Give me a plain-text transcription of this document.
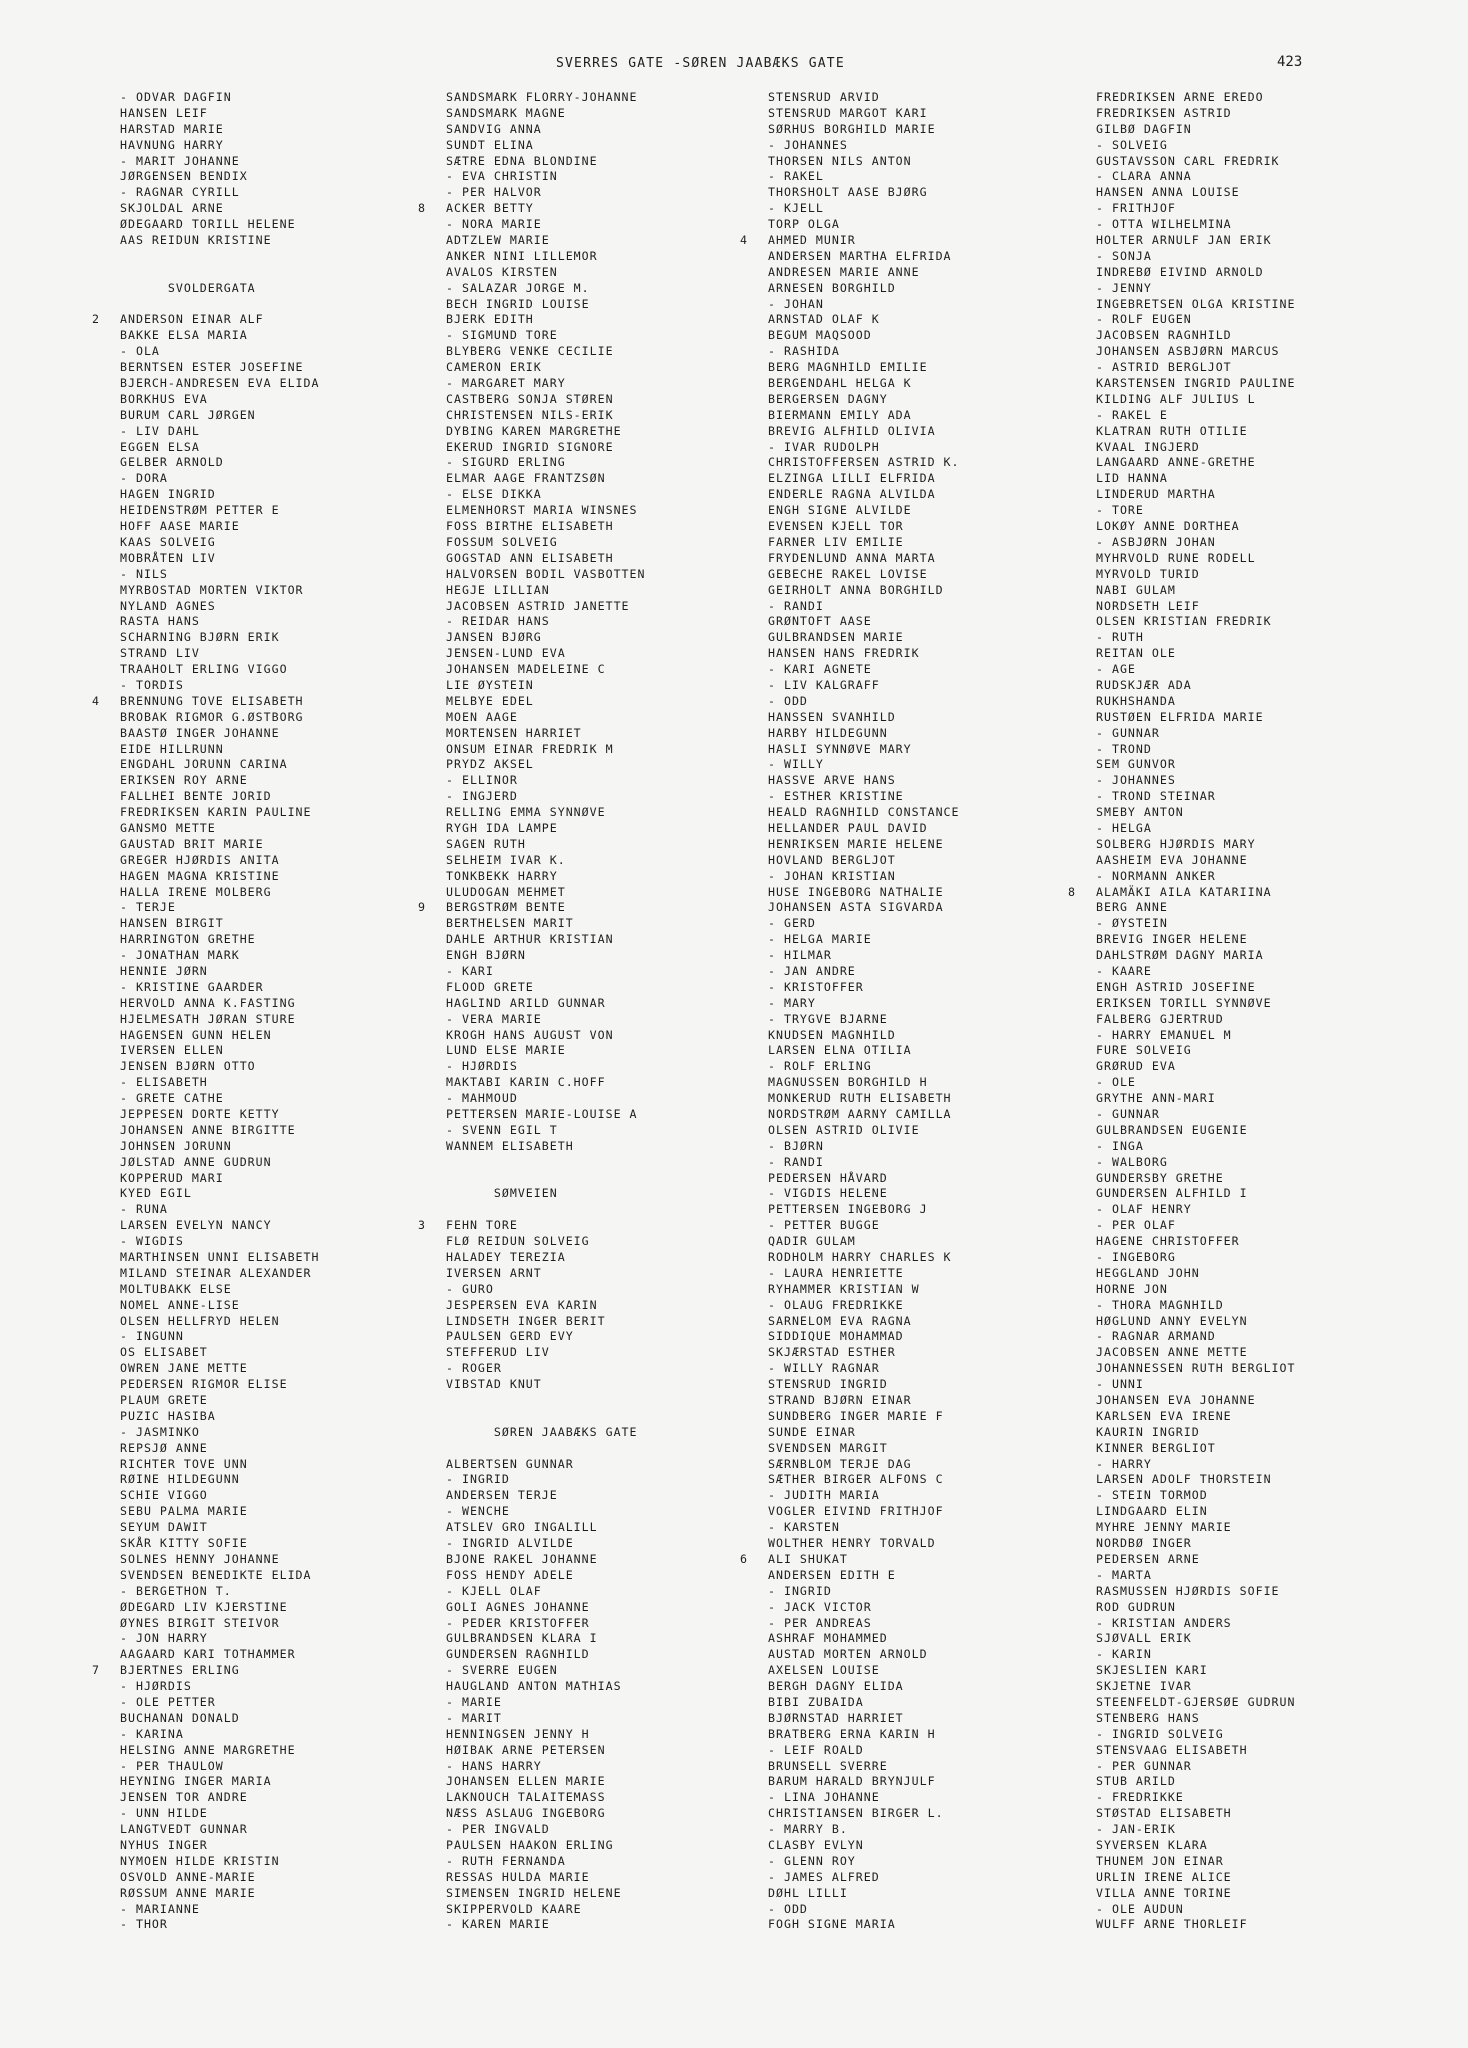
SVERRES GATE -SØREN JAABÆKS GATE	423
- ODVAR DAGFIN
HANSEN LEIF
HARSTAD MARIE
HAVNUNG HARRY
- MARIT JOHANNE
JØRGENSEN BENDIX
- RAGNAR CYRILL
SKJOLDAL ARNE
ØDEGAARD TORILL HELENE
AAS REIDUN KRISTINE
SVOLDERGATA
2 ANDERSON EINAR ALF
BAKKE ELSA MARIA
- OLA
BERNTSEN ESTER JOSEFINE
BJERCH-ANDRESEN EVA ELIDA
BORKHUS EVA
BURUM CARL JØRGEN
- LIV DAHL
EGGEN ELSA
GELBER ARNOLD
- DORA
HAGEN INGRID
HEIDENSTRØM PETTER E
HOFF AASE MARIE
KAAS SOLVEIG
MOBRÅTEN LIV
- NILS
MYRBOSTAD MORTEN VIKTOR
NYLAND AGNES
RASTA HANS
SCHARNING BJØRN ERIK
STRAND LIV
TRAAHOLT ERLING VIGGO
- TORDIS
4 BRENNUNG TOVE ELISABETH
BROBAK RIGMOR G.ØSTBORG
BAASTØ INGER JOHANNE
EIDE HILLRUNN
ENGDAHL JORUNN CARINA
ERIKSEN ROY ARNE
FALLHEI BENTE JORID
FREDRIKSEN KARIN PAULINE
GANSMO METTE
GAUSTAD BRIT MARIE
GREGER HJØRDIS ANITA
HAGEN MAGNA KRISTINE
HALLA IRENE MOLBERG
- TERJE
HANSEN BIRGIT
HARRINGTON GRETHE
- JONATHAN MARK
HENNIE JØRN
- KRISTINE GAARDER
HERVOLD ANNA K.FASTING
HJELMESATH JØRAN STURE
HAGENSEN GUNN HELEN
IVERSEN ELLEN
JENSEN BJØRN OTTO
- ELISABETH
- GRETE CATHE
JEPPESEN DORTE KETTY
JOHANSEN ANNE BIRGITTE
JOHNSEN JORUNN
JØLSTAD ANNE GUDRUN
KOPPERUD MARI
KYED EGIL
- RUNA
LARSEN EVELYN NANCY
- WIGDIS
MARTHINSEN UNNI ELISABETH
MILAND STEINAR ALEXANDER
MOLTUBAKK ELSE
NOMEL ANNE-LISE
OLSEN HELLFRYD HELEN
- INGUNN
OS ELISABET
OWREN JANE METTE
PEDERSEN RIGMOR ELISE
PLAUM GRETE
PUZIC HASIBA
- JASMINKO
REPSJØ ANNE
RICHTER TOVE UNN
RØINE HILDEGUNN
SCHIE VIGGO
SEBU PALMA MARIE
SEYUM DAWIT
SKÅR KITTY SOFIE
SOLNES HENNY JOHANNE
SVENDSEN BENEDIKTE ELIDA
- BERGETHON T.
ØDEGARD LIV KJERSTINE
ØYNES BIRGIT STEIVOR
- JON HARRY
AAGAARD KARI TOTHAMMER
7 BJERTNES ERLING
- HJØRDIS
- OLE PETTER
BUCHANAN DONALD
- KARINA
HELSING ANNE MARGRETHE
- PER THAULOW
HEYNING INGER MARIA
JENSEN TOR ANDRE
- UNN HILDE
LANGTVEDT GUNNAR
NYHUS INGER
NYMOEN HILDE KRISTIN
OSVOLD ANNE-MARIE
RØSSUM ANNE MARIE
- MARIANNE
- THOR
SANDSMARK FLORRY-JOHANNE
SANDSMARK MAGNE
SANDVIG ANNA
SUNDT ELINA
SÆTRE EDNA BLONDINE
- EVA CHRISTIN
- PER HALVOR
8 ACKER BETTY
- NORA MARIE
ADTZLEW MARIE
ANKER NINI LILLEMOR
AVALOS KIRSTEN
- SALAZAR JORGE M.
BECH INGRID LOUISE
BJERK EDITH
- SIGMUND TORE
BLYBERG VENKE CECILIE
CAMERON ERIK
- MARGARET MARY
CASTBERG SONJA STØREN
CHRISTENSEN NILS-ERIK
DYBING KAREN MARGRETHE
EKERUD INGRID SIGNORE
- SIGURD ERLING
ELMAR AAGE FRANTZSØN
- ELSE DIKKA
ELMENHORST MARIA WINSNES
FOSS BIRTHE ELISABETH
FOSSUM SOLVEIG
GOGSTAD ANN ELISABETH
HALVORSEN BODIL VASBOTTEN
HEGJE LILLIAN
JACOBSEN ASTRID JANETTE
- REIDAR HANS
JANSEN BJØRG
JENSEN-LUND EVA
JOHANSEN MADELEINE C
LIE ØYSTEIN
MELBYE EDEL
MOEN AAGE
MORTENSEN HARRIET
ONSUM EINAR FREDRIK M
PRYDZ AKSEL
- ELLINOR
- INGJERD
RELLING EMMA SYNNØVE
RYGH IDA LAMPE
SAGEN RUTH
SELHEIM IVAR K.
TONKBEKK HARRY
ULUDOGAN MEHMET
9 BERGSTRØM BENTE
BERTHELSEN MARIT
DAHLE ARTHUR KRISTIAN
ENGH BJØRN
- KARI
FLOOD GRETE
HAGLIND ARILD GUNNAR
- VERA MARIE
KROGH HANS AUGUST VON
LUND ELSE MARIE
- HJØRDIS
MAKTABI KARIN C.HOFF
- MAHMOUD
PETTERSEN MARIE-LOUISE A
- SVENN EGIL T
WANNEM ELISABETH
SØMVEIEN
3 FEHN TORE
FLØ REIDUN SOLVEIG
HALADEY TEREZIA
IVERSEN ARNT
- GURO
JESPERSEN EVA KARIN
LINDSETH INGER BERIT
PAULSEN GERD EVY
STEFFERUD LIV
- ROGER
VIBSTAD KNUT
SØREN JAABÆKS GATE
ALBERTSEN GUNNAR
- INGRID
ANDERSEN TERJE
- WENCHE
ATSLEV GRO INGALILL
- INGRID ALVILDE
BJONE RAKEL JOHANNE
FOSS HENDY ADELE
- KJELL OLAF
GOLI AGNES JOHANNE
- PEDER KRISTOFFER
GULBRANDSEN KLARA I
GUNDERSEN RAGNHILD
- SVERRE EUGEN
HAUGLAND ANTON MATHIAS
- MARIE
- MARIT
HENNINGSEN JENNY H
HØIBAK ARNE PETERSEN
- HANS HARRY
JOHANSEN ELLEN MARIE
LAKNOUCH TALAITEMASS
NÆSS ASLAUG INGEBORG
- PER INGVALD
PAULSEN HAAKON ERLING
- RUTH FERNANDA
RESSAS HULDA MARIE
SIMENSEN INGRID HELENE
SKIPPERVOLD KAARE
- KAREN MARIE
STENSRUD ARVID
STENSRUD MARGOT KARI
SØRHUS BORGHILD MARIE
- JOHANNES
THORSEN NILS ANTON
- RAKEL
THORSHOLT AASE BJØRG
- KJELL
TORP OLGA
4 AHMED MUNIR
ANDERSEN MARTHA ELFRIDA
ANDRESEN MARIE ANNE
ARNESEN BORGHILD
- JOHAN
ARNSTAD OLAF K
BEGUM MAQSOOD
- RASHIDA
BERG MAGNHILD EMILIE
BERGENDAHL HELGA K
BERGERSEN DAGNY
BIERMANN EMILY ADA
BREVIG ALFHILD OLIVIA
- IVAR RUDOLPH
CHRISTOFFERSEN ASTRID K.
ELZINGA LILLI ELFRIDA
ENDERLE RAGNA ALVILDA
ENGH SIGNE ALVILDE
EVENSEN KJELL TOR
FARNER LIV EMILIE
FRYDENLUND ANNA MARTA
GEBECHE RAKEL LOVISE
GEIRHOLT ANNA BORGHILD
- RANDI
GRØNTOFT AASE
GULBRANDSEN MARIE
HANSEN HANS FREDRIK
- KARI AGNETE
- LIV KALGRAFF
- ODD
HANSSEN SVANHILD
HARBY HILDEGUNN
HASLI SYNNØVE MARY
- WILLY
HASSVE ARVE HANS
- ESTHER KRISTINE
HEALD RAGNHILD CONSTANCE
HELLANDER PAUL DAVID
HENRIKSEN MARIE HELENE
HOVLAND BERGLJOT
- JOHAN KRISTIAN
HUSE INGEBORG NATHALIE
JOHANSEN ASTA SIGVARDA
- GERD
- HELGA MARIE
- HILMAR
- JAN ANDRE
- KRISTOFFER
- MARY
- TRYGVE BJARNE
KNUDSEN MAGNHILD
LARSEN ELNA OTILIA
- ROLF ERLING
MAGNUSSEN BORGHILD H
MONKERUD RUTH ELISABETH
NORDSTRØM AARNY CAMILLA
OLSEN ASTRID OLIVIE
- BJØRN
- RANDI
PEDERSEN HÅVARD
- VIGDIS HELENE
PETTERSEN INGEBORG J
- PETTER BUGGE
QADIR GULAM
RODHOLM HARRY CHARLES K
- LAURA HENRIETTE
RYHAMMER KRISTIAN W
- OLAUG FREDRIKKE
SARNELOM EVA RAGNA
SIDDIQUE MOHAMMAD
SKJÆRSTAD ESTHER
- WILLY RAGNAR
STENSRUD INGRID
STRAND BJØRN EINAR
SUNDBERG INGER MARIE F
SUNDE EINAR
SVENDSEN MARGIT
SÆRNBLOM TERJE DAG
SÆTHER BIRGER ALFONS C
- JUDITH MARIA
VOGLER EIVIND FRITHJOF
- KARSTEN
WOLTHER HENRY TORVALD
6 ALI SHUKAT
ANDERSEN EDITH E
- INGRID
- JACK VICTOR
- PER ANDREAS
ASHRAF MOHAMMED
AUSTAD MORTEN ARNOLD
AXELSEN LOUISE
BERGH DAGNY ELIDA
BIBI ZUBAIDA
BJØRNSTAD HARRIET
BRATBERG ERNA KARIN H
- LEIF ROALD
BRUNSELL SVERRE
BARUM HARALD BRYNJULF
- LINA JOHANNE
CHRISTIANSEN BIRGER L.
- MARRY B.
CLASBY EVLYN
- GLENN ROY
- JAMES ALFRED
DØHL LILLI
- ODD
FOGH SIGNE MARIA
FREDRIKSEN ARNE EREDO
FREDRIKSEN ASTRID
GILBØ DAGFIN
- SOLVEIG
GUSTAVSSON CARL FREDRIK
- CLARA ANNA
HANSEN ANNA LOUISE
- FRITHJOF
- OTTA WILHELMINA
HOLTER ARNULF JAN ERIK
- SONJA
INDREBØ EIVIND ARNOLD
- JENNY
INGEBRETSEN OLGA KRISTINE
- ROLF EUGEN
JACOBSEN RAGNHILD
JOHANSEN ASBJØRN MARCUS
- ASTRID BERGLJOT
KARSTENSEN INGRID PAULINE
KILDING ALF JULIUS L
- RAKEL E
KLATRAN RUTH OTILIE
KVAAL INGJERD
LANGAARD ANNE-GRETHE
LID HANNA
LINDERUD MARTHA
- TORE
LOKØY ANNE DORTHEA
- ASBJØRN JOHAN
MYHRVOLD RUNE RODELL
MYRVOLD TURID
NABI GULAM
NORDSETH LEIF
OLSEN KRISTIAN FREDRIK
- RUTH
REITAN OLE
- AGE
RUDSKJÆR ADA
RUKHSHANDA
RUSTØEN ELFRIDA MARIE
- GUNNAR
- TROND
SEM GUNVOR
- JOHANNES
- TROND STEINAR
SMEBY ANTON
- HELGA
SOLBERG HJØRDIS MARY
AASHEIM EVA JOHANNE
- NORMANN ANKER
8 ALAMÄKI AILA KATARIINA
BERG ANNE
- ØYSTEIN
BREVIG INGER HELENE
DAHLSTRØM DAGNY MARIA
- KAARE
ENGH ASTRID JOSEFINE
ERIKSEN TORILL SYNNØVE
FALBERG GJERTRUD
- HARRY EMANUEL M
FURE SOLVEIG
GRØRUD EVA
- OLE
GRYTHE ANN-MARI
- GUNNAR
GULBRANDSEN EUGENIE
- INGA
- WALBORG
GUNDERSBY GRETHE
GUNDERSEN ALFHILD I
- OLAF HENRY
- PER OLAF
HAGENE CHRISTOFFER
- INGEBORG
HEGGLAND JOHN
HORNE JON
- THORA MAGNHILD
HØGLUND ANNY EVELYN
- RAGNAR ARMAND
JACOBSEN ANNE METTE
JOHANNESSEN RUTH BERGLIOT
- UNNI
JOHANSEN EVA JOHANNE
KARLSEN EVA IRENE
KAURIN INGRID
KINNER BERGLIOT
- HARRY
LARSEN ADOLF THORSTEIN
- STEIN TORMOD
LINDGAARD ELIN
MYHRE JENNY MARIE
NORDBØ INGER
PEDERSEN ARNE
- MARTA
RASMUSSEN HJØRDIS SOFIE
ROD GUDRUN
- KRISTIAN ANDERS
SJØVALL ERIK
- KARIN
SKJESLIEN KARI
SKJETNE IVAR
STEENFELDT-GJERSØE GUDRUN
STENBERG HANS
- INGRID SOLVEIG
STENSVAAG ELISABETH
- PER GUNNAR
STUB ARILD
- FREDRIKKE
STØSTAD ELISABETH
- JAN-ERIK
SYVERSEN KLARA
THUNEM JON EINAR
URLIN IRENE ALICE
VILLA ANNE TORINE
- OLE AUDUN
WULFF ARNE THORLEIF
